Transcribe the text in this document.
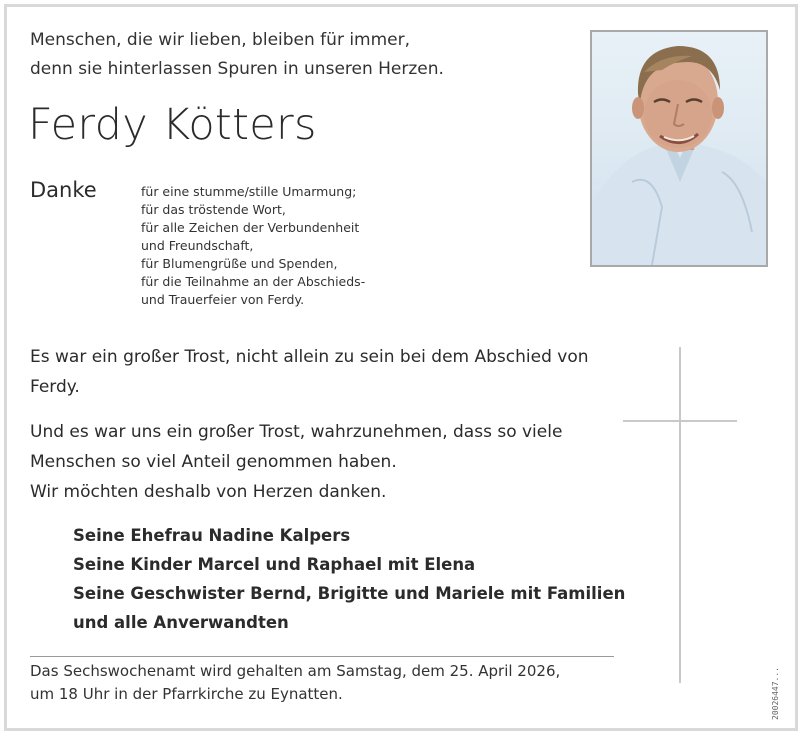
Menschen, die wir lieben, bleiben für immer,
denn sie hinterlassen Spuren in unseren Herzen.
Ferdy Kötters
Danke	für eine stumme/stille Umarmung;
für das tröstende Wort,
für alle Zeichen der Verbundenheit
und Freundschaft,
für Blumengrüße und Spenden,
für die Teilnahme an der Abschieds-
und Trauerfeier von Ferdy.
Es war ein großer Trost, nicht allein zu sein bei dem Abschied von Ferdy.
Und es war uns ein großer Trost, wahrzunehmen, dass so viele
Menschen so viel Anteil genommen haben.
Wir möchten deshalb von Herzen danken.
Seine Ehefrau Nadine Kalpers
Seine Kinder Marcel und Raphael mit Elena
Seine Geschwister Bernd, Brigitte und Mariele mit Familien
und alle Anverwandten
Das Sechswochenamt wird gehalten am Samstag, dem 25. April 2026,
um 18 Uhr in der Pfarrkirche zu Eynatten.	20026447...
